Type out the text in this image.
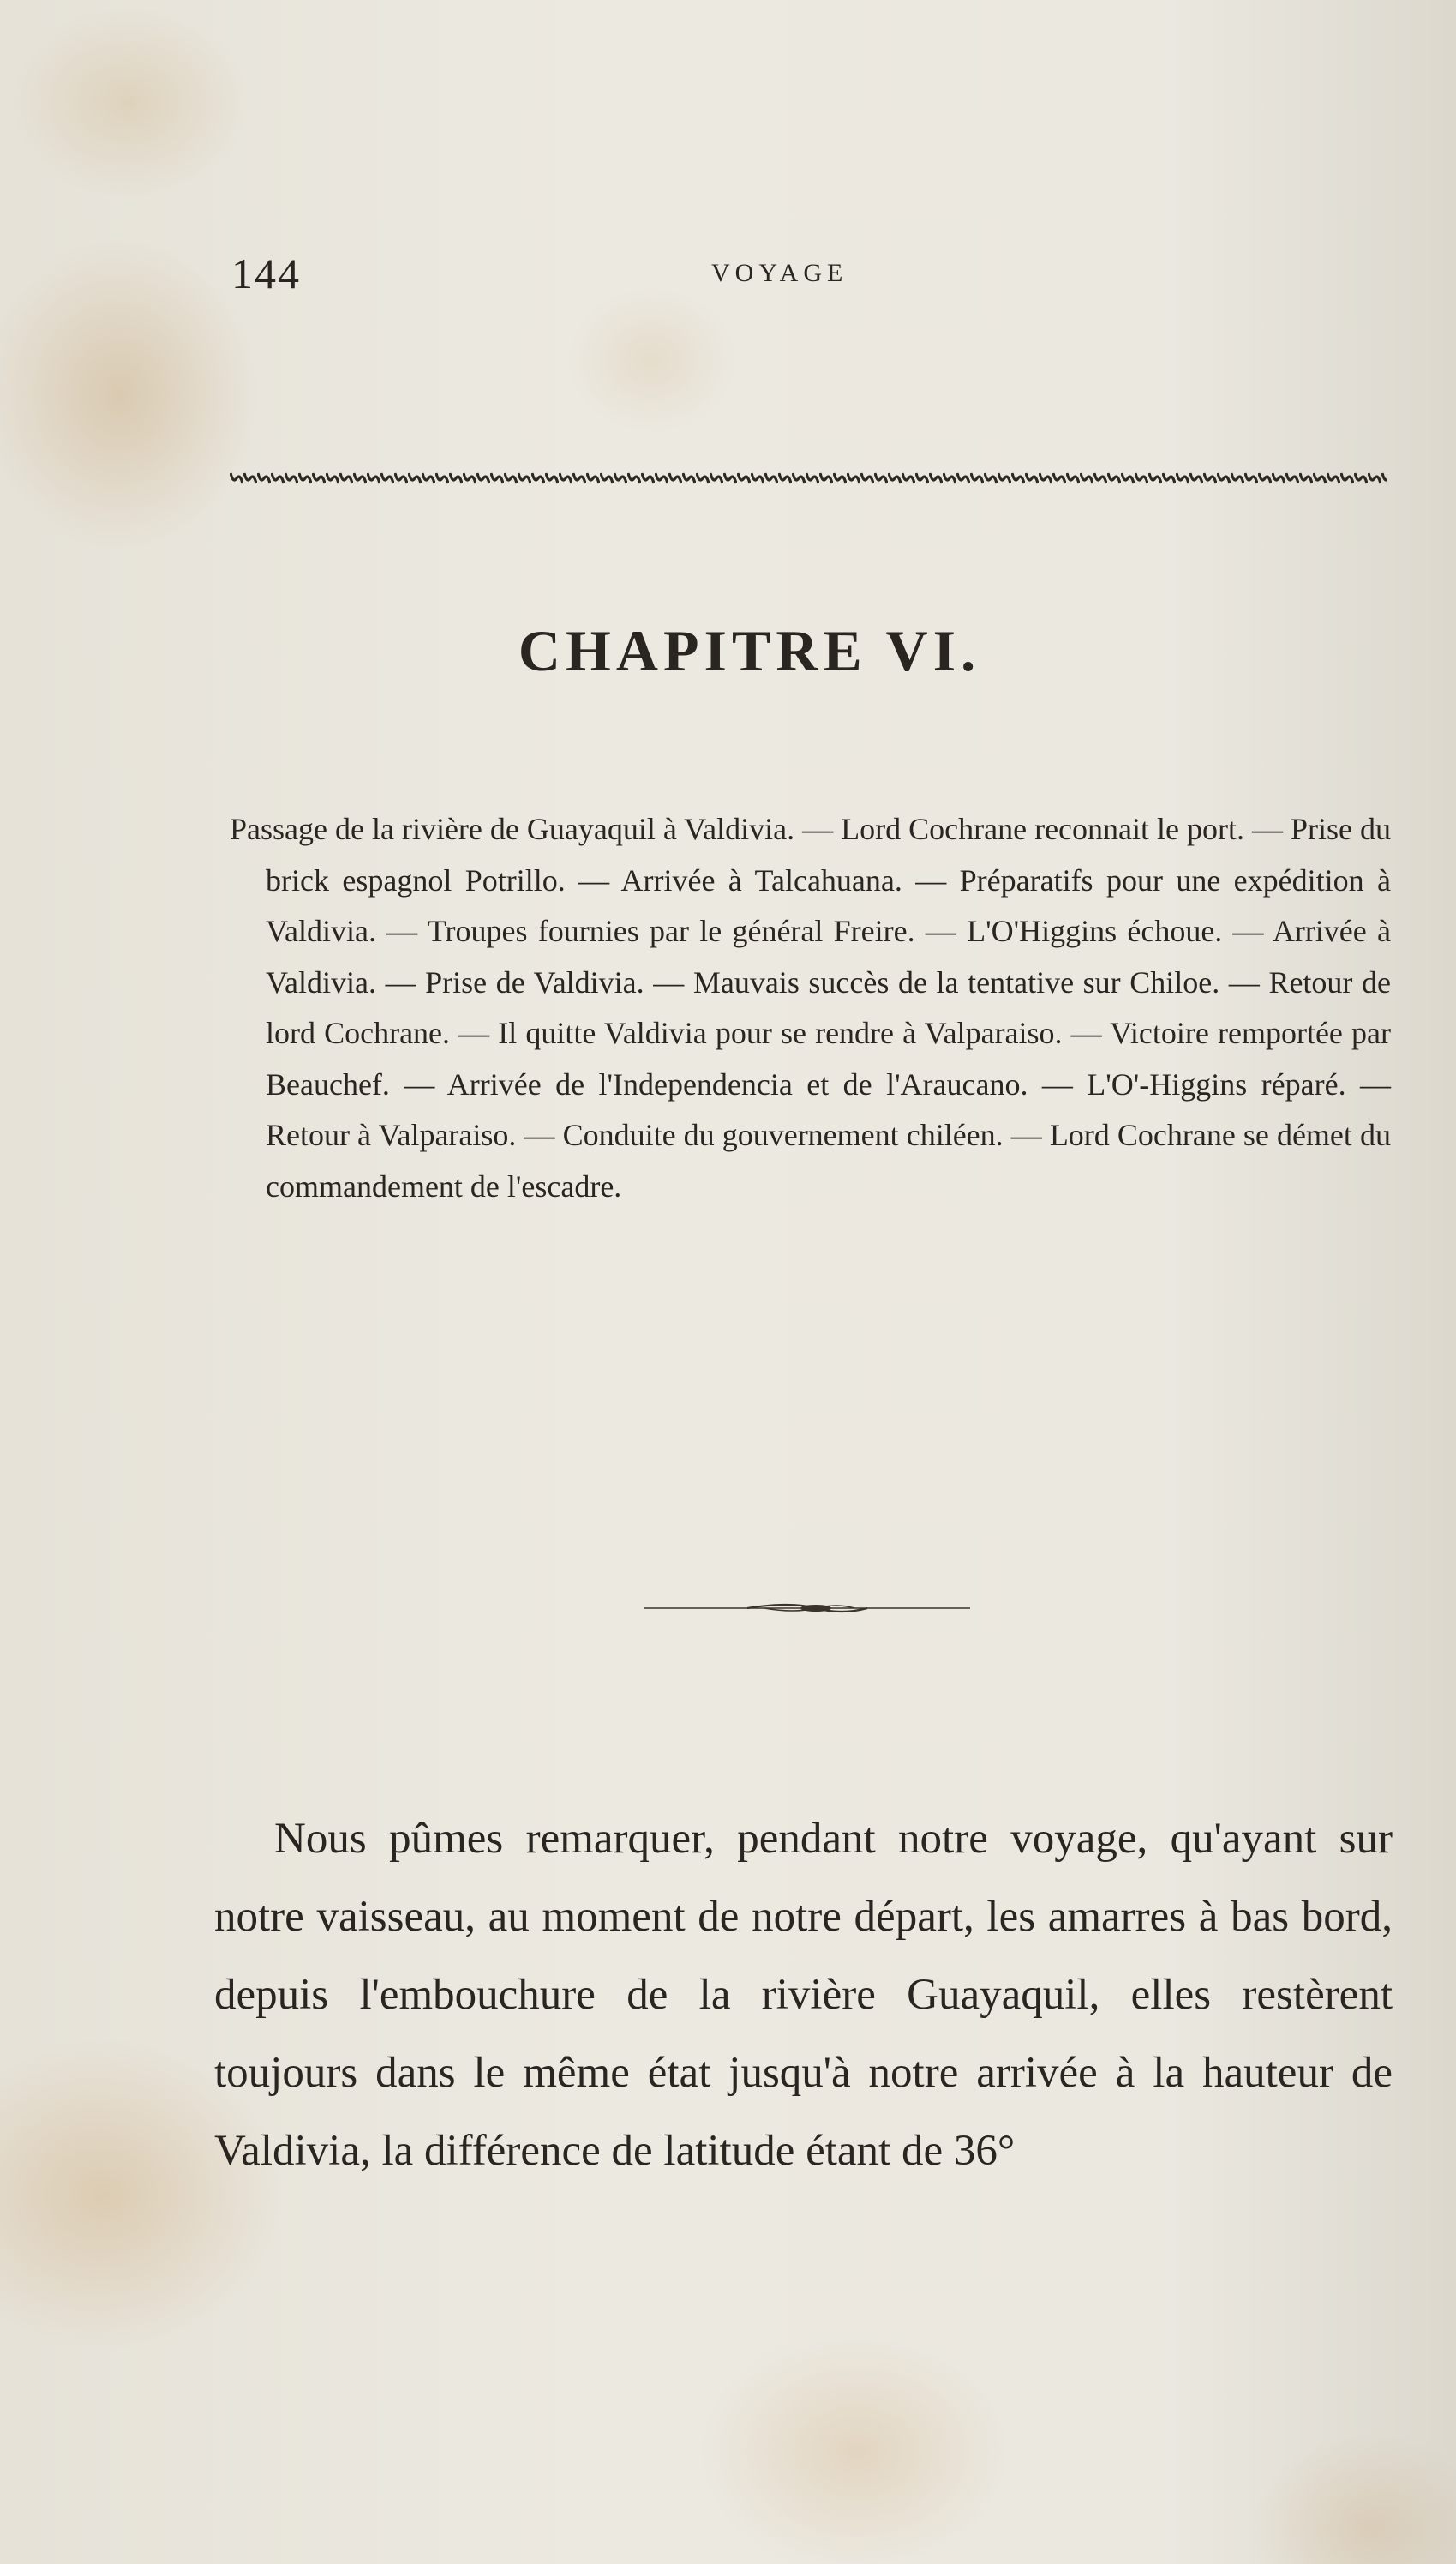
144	VOYAGE
CHAPITRE VI.
Passage de la rivière de Guayaquil à Valdivia. — Lord Cochrane reconnait le port. — Prise du brick espagnol Potrillo. — Arrivée à Talcahuana. — Préparatifs pour une expédition à Valdivia. — Troupes fournies par le général Freire. — L'O'Higgins échoue. — Arrivée à Valdivia. — Prise de Valdivia. — Mauvais succès de la tentative sur Chiloe. — Retour de lord Cochrane. — Il quitte Valdivia pour se rendre à Valparaiso. — Victoire remportée par Beauchef. — Arrivée de l'Independencia et de l'Araucano. — L'O'-Higgins réparé. — Retour à Valparaiso. — Conduite du gouvernement chiléen. — Lord Cochrane se démet du commandement de l'escadre.
Nous pûmes remarquer, pendant notre voyage, qu'ayant sur notre vaisseau, au moment de notre départ, les amarres à bas bord, depuis l'embouchure de la rivière Guayaquil, elles restèrent toujours dans le même état jusqu'à notre arrivée à la hauteur de Valdivia, la différence de latitude étant de 36°
